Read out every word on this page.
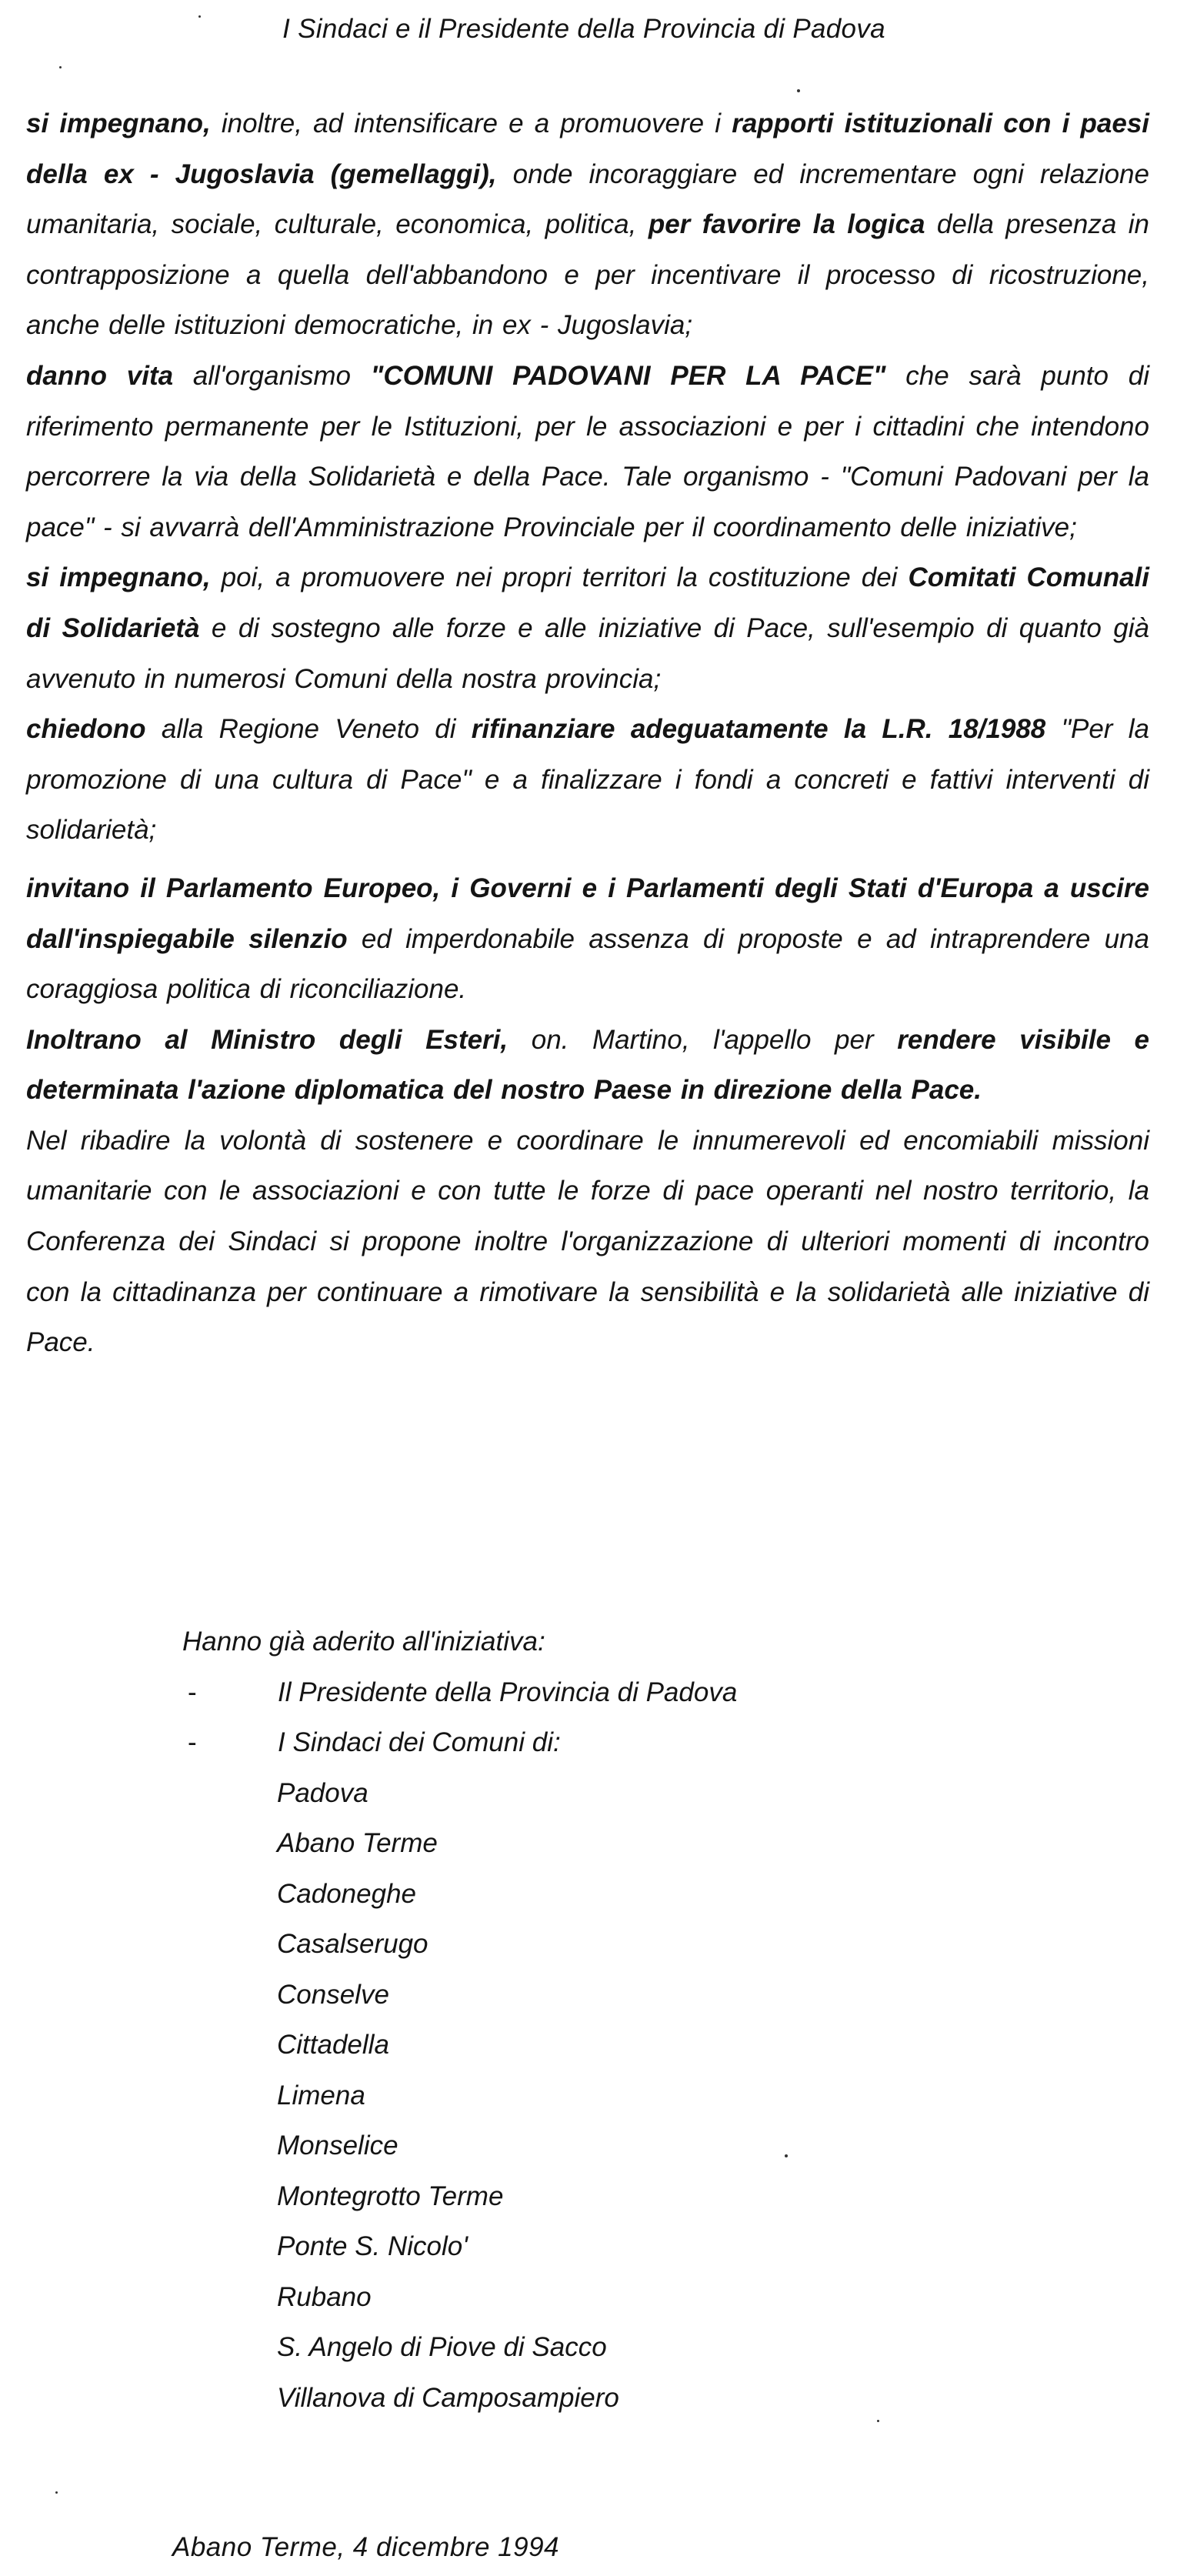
I Sindaci e il Presidente della Provincia di Padova

si impegnano, inoltre, ad intensificare e a promuovere i rapporti istituzionali con i paesi della ex - Jugoslavia (gemellaggi), onde incoraggiare ed incrementare ogni relazione umanitaria, sociale, culturale, economica, politica, per favorire la logica della presenza in contrapposizione a quella dell'abbandono e per incentivare il processo di ricostruzione, anche delle istituzioni democratiche, in ex - Jugoslavia;

danno vita all'organismo "COMUNI PADOVANI PER LA PACE" che sarà punto di riferimento permanente per le Istituzioni, per le associazioni e per i cittadini che intendono percorrere la via della Solidarietà e della Pace. Tale organismo - "Comuni Padovani per la pace" - si avvarrà dell'Amministrazione Provinciale per il coordinamento delle iniziative;

si impegnano, poi, a promuovere nei propri territori la costituzione dei Comitati Comunali di Solidarietà e di sostegno alle forze e alle iniziative di Pace, sull'esempio di quanto già avvenuto in numerosi Comuni della nostra provincia;

chiedono alla Regione Veneto di rifinanziare adeguatamente la L.R. 18/1988 "Per la promozione di una cultura di Pace" e a finalizzare i fondi a concreti e fattivi interventi di solidarietà;

invitano il Parlamento Europeo, i Governi e i Parlamenti degli Stati d'Europa a uscire dall'inspiegabile silenzio ed imperdonabile assenza di proposte e ad intraprendere una coraggiosa politica di riconciliazione.

Inoltrano al Ministro degli Esteri, on. Martino, l'appello per rendere visibile e determinata l'azione diplomatica del nostro Paese in direzione della Pace.

Nel ribadire la volontà di sostenere e coordinare le innumerevoli ed encomiabili missioni umanitarie con le associazioni e con tutte le forze di pace operanti nel nostro territorio, la Conferenza dei Sindaci si propone inoltre l'organizzazione di ulteriori momenti di incontro con la cittadinanza per continuare a rimotivare la sensibilità e la solidarietà alle iniziative di Pace.

Hanno già aderito all'iniziativa:
-	Il Presidente della Provincia di Padova
-	I Sindaci dei Comuni di:
Padova
Abano Terme
Cadoneghe
Casalserugo
Conselve
Cittadella
Limena
Monselice
Montegrotto Terme
Ponte S. Nicolo'
Rubano
S. Angelo di Piove di Sacco
Villanova di Camposampiero
Abano Terme, 4 dicembre 1994
